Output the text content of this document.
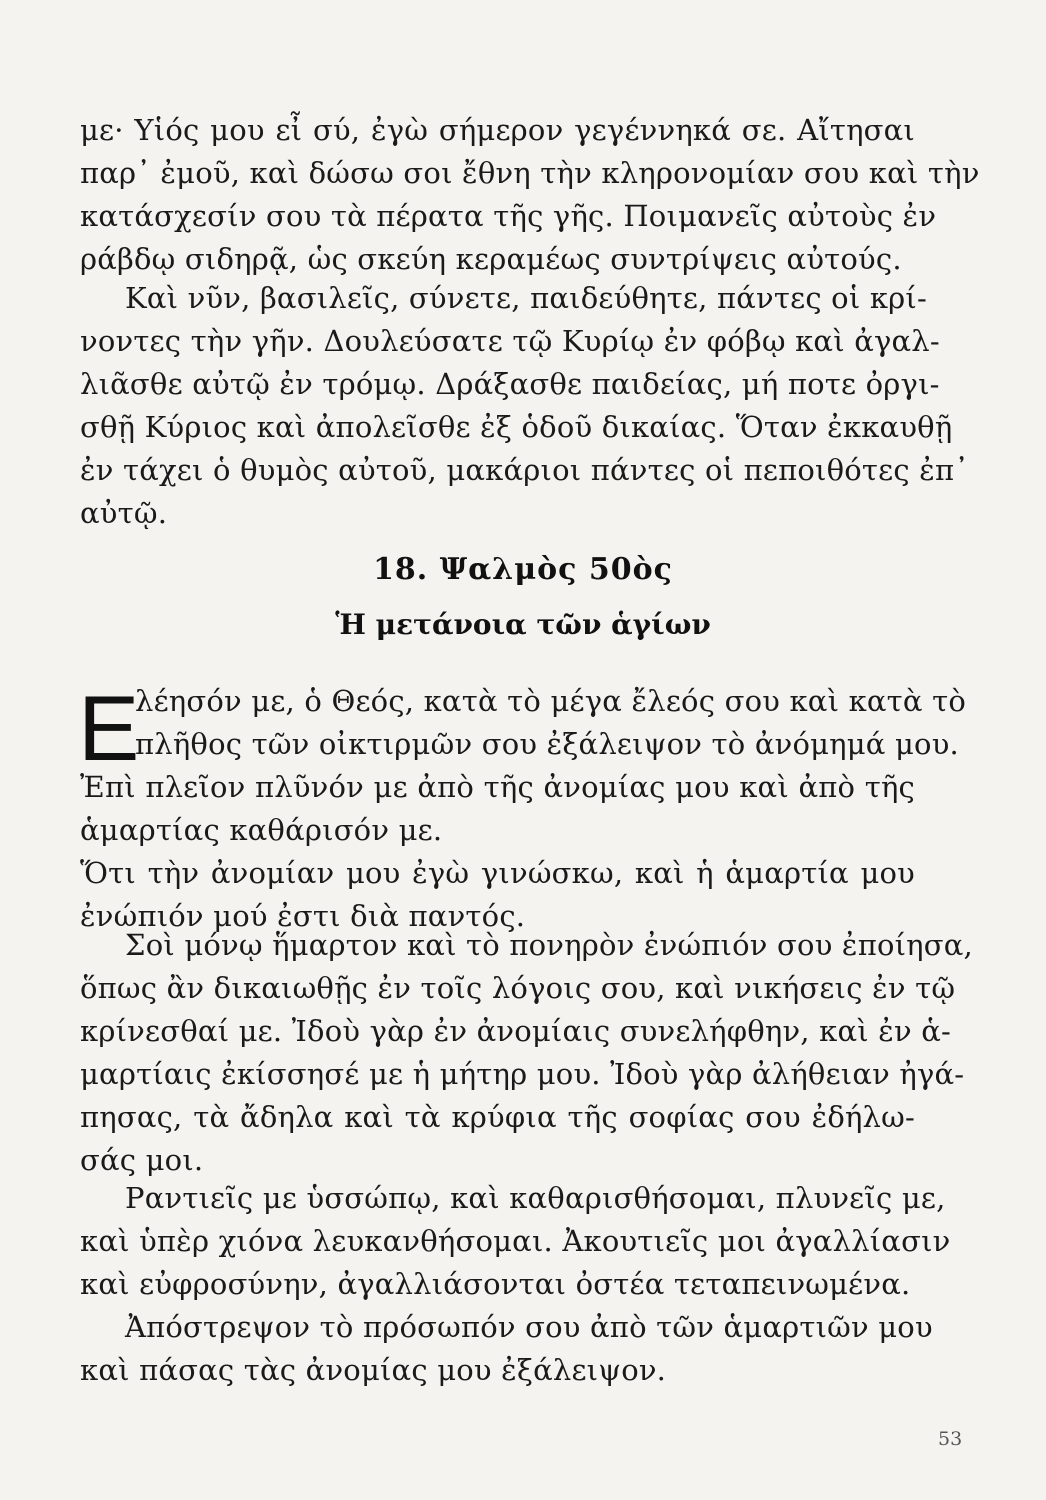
με· Υἱός μου εἶ σύ, ἐγὼ σήμερον γεγέννηκά σε. Αἴτησαι
παρ᾿ ἐμοῦ, καὶ δώσω σοι ἔθνη τὴν κληρονομίαν σου καὶ τὴν
κατάσχεσίν σου τὰ πέρατα τῆς γῆς. Ποιμανεῖς αὐτοὺς ἐν
ράβδῳ σιδηρᾷ, ὡς σκεύη κεραμέως συντρίψεις αὐτούς.
Καὶ νῦν, βασιλεῖς, σύνετε, παιδεύθητε, πάντες οἱ κρί-
νοντες τὴν γῆν. Δουλεύσατε τῷ Κυρίῳ ἐν φόβῳ καὶ ἀγαλ-
λιᾶσθε αὐτῷ ἐν τρόμῳ. Δράξασθε παιδείας, μή ποτε ὀργι-
σθῇ Κύριος καὶ ἀπολεῖσθε ἐξ ὁδοῦ δικαίας. Ὅταν ἐκκαυθῇ
ἐν τάχει ὁ θυμὸς αὐτοῦ, μακάριοι πάντες οἱ πεποιθότες ἐπ᾿
αὐτῷ.
18. Ψαλμὸς 50ὸς
Ἡ μετάνοια τῶν ἁγίων
Ε
λέησόν με, ὁ Θεός, κατὰ τὸ μέγα ἔλεός σου καὶ κατὰ τὸ
πλῆθος τῶν οἰκτιρμῶν σου ἐξάλειψον τὸ ἀνόμημά μου.
Ἐπὶ πλεῖον πλῦνόν με ἀπὸ τῆς ἀνομίας μου καὶ ἀπὸ τῆς
ἁμαρτίας καθάρισόν με.
Ὅτι τὴν ἀνομίαν μου ἐγὼ γινώσκω, καὶ ἡ ἁμαρτία μου
ἐνώπιόν μού ἐστι διὰ παντός.
Σοὶ μόνῳ ἥμαρτον καὶ τὸ πονηρὸν ἐνώπιόν σου ἐποίησα,
ὅπως ἂν δικαιωθῇς ἐν τοῖς λόγοις σου, καὶ νικήσεις ἐν τῷ
κρίνεσθαί με. Ἰδοὺ γὰρ ἐν ἀνομίαις συνελήφθην, καὶ ἐν ἁ-
μαρτίαις ἐκίσσησέ με ἡ μήτηρ μου. Ἰδοὺ γὰρ ἀλήθειαν ἠγά-
πησας, τὰ ἄδηλα καὶ τὰ κρύφια τῆς σοφίας σου ἐδήλω-
σάς μοι.
Ραντιεῖς με ὑσσώπῳ, καὶ καθαρισθήσομαι, πλυνεῖς με,
καὶ ὑπὲρ χιόνα λευκανθήσομαι. Ἀκουτιεῖς μοι ἀγαλλίασιν
καὶ εὐφροσύνην, ἀγαλλιάσονται ὀστέα τεταπεινωμένα.
Ἀπόστρεψον τὸ πρόσωπόν σου ἀπὸ τῶν ἁμαρτιῶν μου
καὶ πάσας τὰς ἀνομίας μου ἐξάλειψον.
53
